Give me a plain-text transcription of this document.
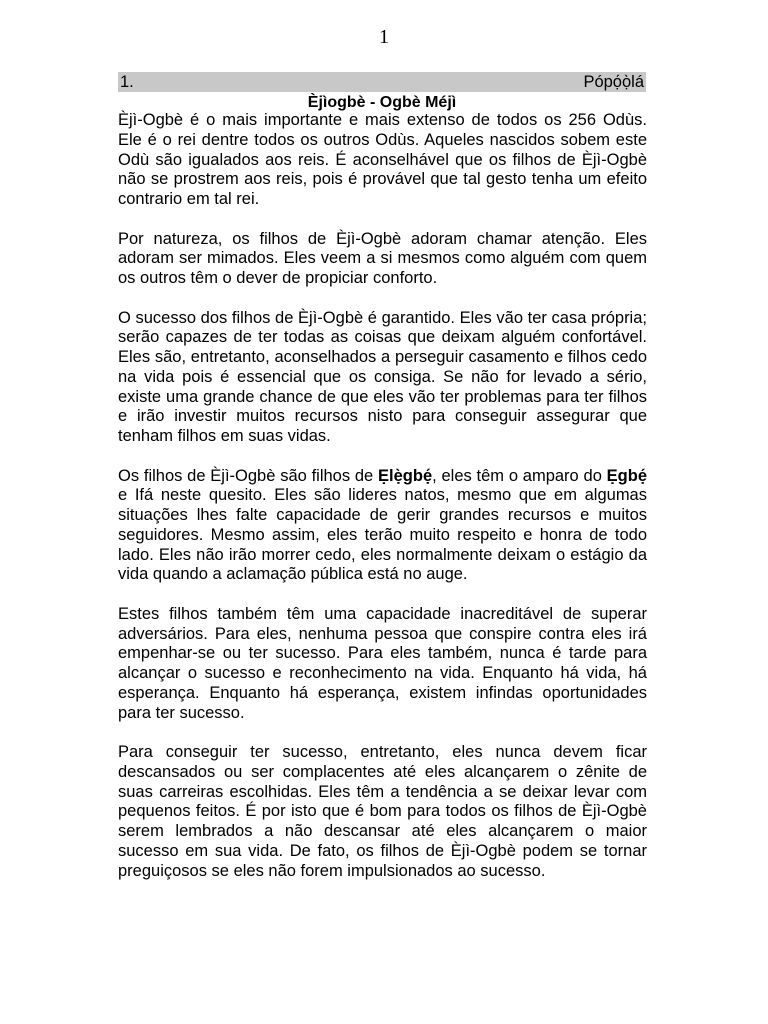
1
1.	Pópọ́ọ̀lá
Èjìogbè - Ogbè Méjì

Èjì-Ogbè é o mais importante e mais extenso de todos os 256 Odùs. Ele é o rei dentre todos os outros Odùs. Aqueles nascidos sobem este Odù são igualados aos reis. É aconselhável que os filhos de Èjì-Ogbè não se prostrem aos reis, pois é provável que tal gesto tenha um efeito contrario em tal rei.

Por natureza, os filhos de Èjì-Ogbè adoram chamar atenção. Eles adoram ser mimados. Eles veem a si mesmos como alguém com quem os outros têm o dever de propiciar conforto.

O sucesso dos filhos de Èjì-Ogbè é garantido. Eles vão ter casa própria; serão capazes de ter todas as coisas que deixam alguém confortável. Eles são, entretanto, aconselhados a perseguir casamento e filhos cedo na vida pois é essencial que os consiga. Se não for levado a sério, existe uma grande chance de que eles vão ter problemas para ter filhos e irão investir muitos recursos nisto para conseguir assegurar que tenham filhos em suas vidas.

Os filhos de Èjì-Ogbè são filhos de Ẹlẹ̀gbẹ́, eles têm o amparo do Ẹgbẹ́ e Ifá neste quesito. Eles são lideres natos, mesmo que em algumas situações lhes falte capacidade de gerir grandes recursos e muitos seguidores. Mesmo assim, eles terão muito respeito e honra de todo lado. Eles não irão morrer cedo, eles normalmente deixam o estágio da vida quando a aclamação pública está no auge.

Estes filhos também têm uma capacidade inacreditável de superar adversários. Para eles, nenhuma pessoa que conspire contra eles irá empenhar-se ou ter sucesso. Para eles também, nunca é tarde para alcançar o sucesso e reconhecimento na vida. Enquanto há vida, há esperança. Enquanto há esperança, existem infindas oportunidades para ter sucesso.

Para conseguir ter sucesso, entretanto, eles nunca devem ficar descansados ou ser complacentes até eles alcançarem o zênite de suas carreiras escolhidas. Eles têm a tendência a se deixar levar com pequenos feitos. É por isto que é bom para todos os filhos de Èjì-Ogbè serem lembrados a não descansar até eles alcançarem o maior sucesso em sua vida. De fato, os filhos de Èjì-Ogbè podem se tornar preguiçosos se eles não forem impulsionados ao sucesso.
